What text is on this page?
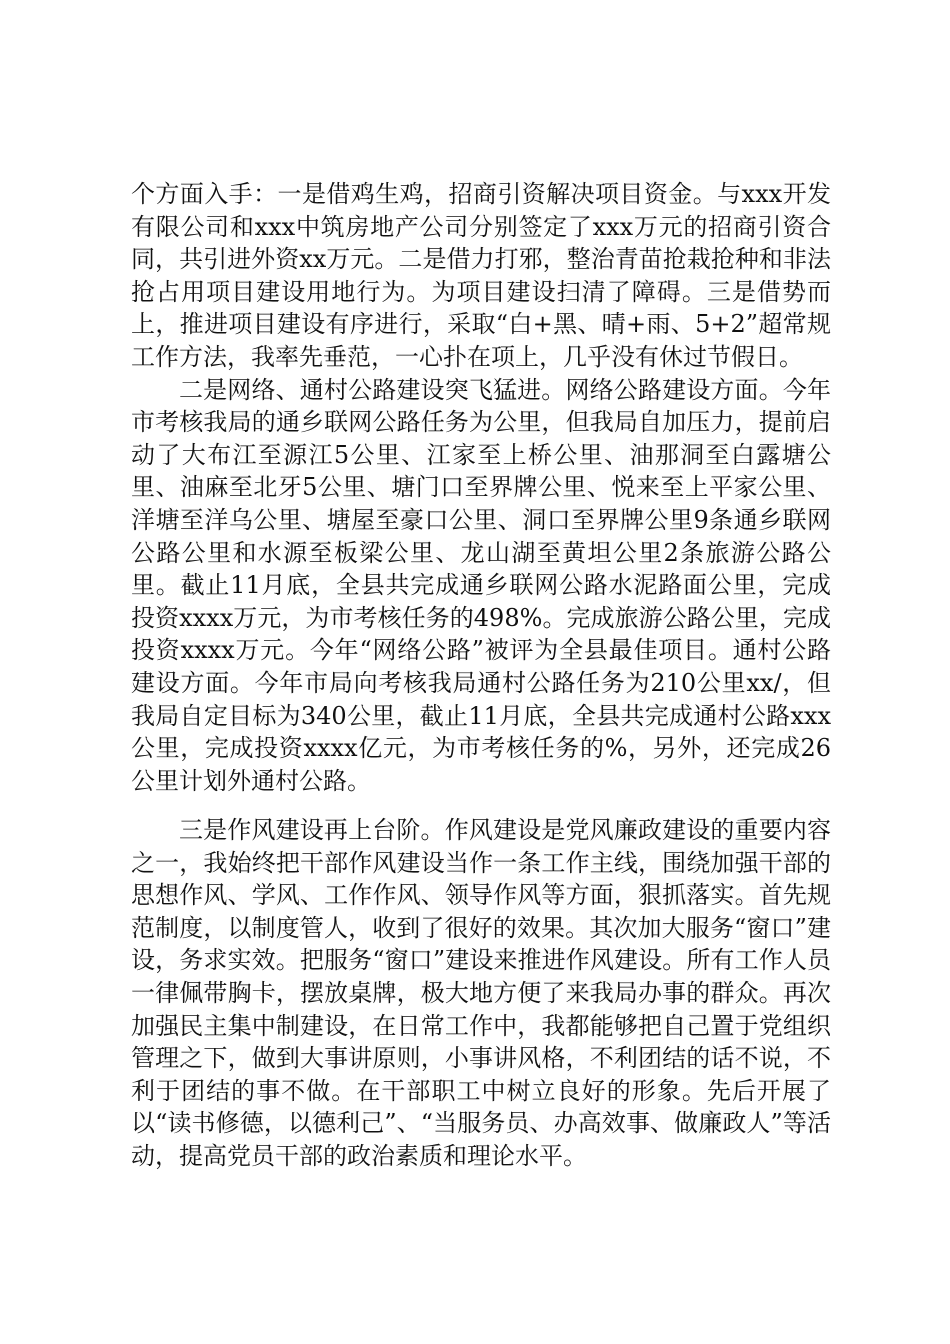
个方面入手：一是借鸡生鸡，招商引资解决项目资金。与xxx开发有限公司和xxx中筑房地产公司分别签定了xxx万元的招商引资合同，共引进外资xx万元。二是借力打邪，整治青苗抢栽抢种和非法抢占用项目建设用地行为。为项目建设扫清了障碍。三是借势而上，推进项目建设有序进行，采取“白+黑、晴+雨、5+2”超常规工作方法，我率先垂范，一心扑在项上，几乎没有休过节假日。

二是网络、通村公路建设突飞猛进。网络公路建设方面。今年市考核我局的通乡联网公路任务为公里，但我局自加压力，提前启动了大布江至源江5公里、江家至上桥公里、油那洞至白露塘公里、油麻至北牙5公里、塘门口至界牌公里、悦来至上平家公里、洋塘至洋乌公里、塘屋至豪口公里、洞口至界牌公里9条通乡联网公路公里和水源至板梁公里、龙山湖至黄坦公里2条旅游公路公里。截止11月底，全县共完成通乡联网公路水泥路面公里，完成投资xxxx万元，为市考核任务的498%。完成旅游公路公里，完成投资xxxx万元。今年“网络公路”被评为全县最佳项目。通村公路建设方面。今年市局向考核我局通村公路任务为210公里xx/，但我局自定目标为340公里，截止11月底，全县共完成通村公路xxx公里，完成投资xxxx亿元，为市考核任务的%，另外，还完成26公里计划外通村公路。

三是作风建设再上台阶。作风建设是党风廉政建设的重要内容之一，我始终把干部作风建设当作一条工作主线，围绕加强干部的思想作风、学风、工作作风、领导作风等方面，狠抓落实。首先规范制度，以制度管人，收到了很好的效果。其次加大服务“窗口”建设，务求实效。把服务“窗口”建设来推进作风建设。所有工作人员一律佩带胸卡，摆放桌牌，极大地方便了来我局办事的群众。再次加强民主集中制建设，在日常工作中，我都能够把自己置于党组织管理之下，做到大事讲原则，小事讲风格，不利团结的话不说，不利于团结的事不做。在干部职工中树立良好的形象。先后开展了以“读书修德，以德利己”、“当服务员、办高效事、做廉政人”等活动，提高党员干部的政治素质和理论水平。
